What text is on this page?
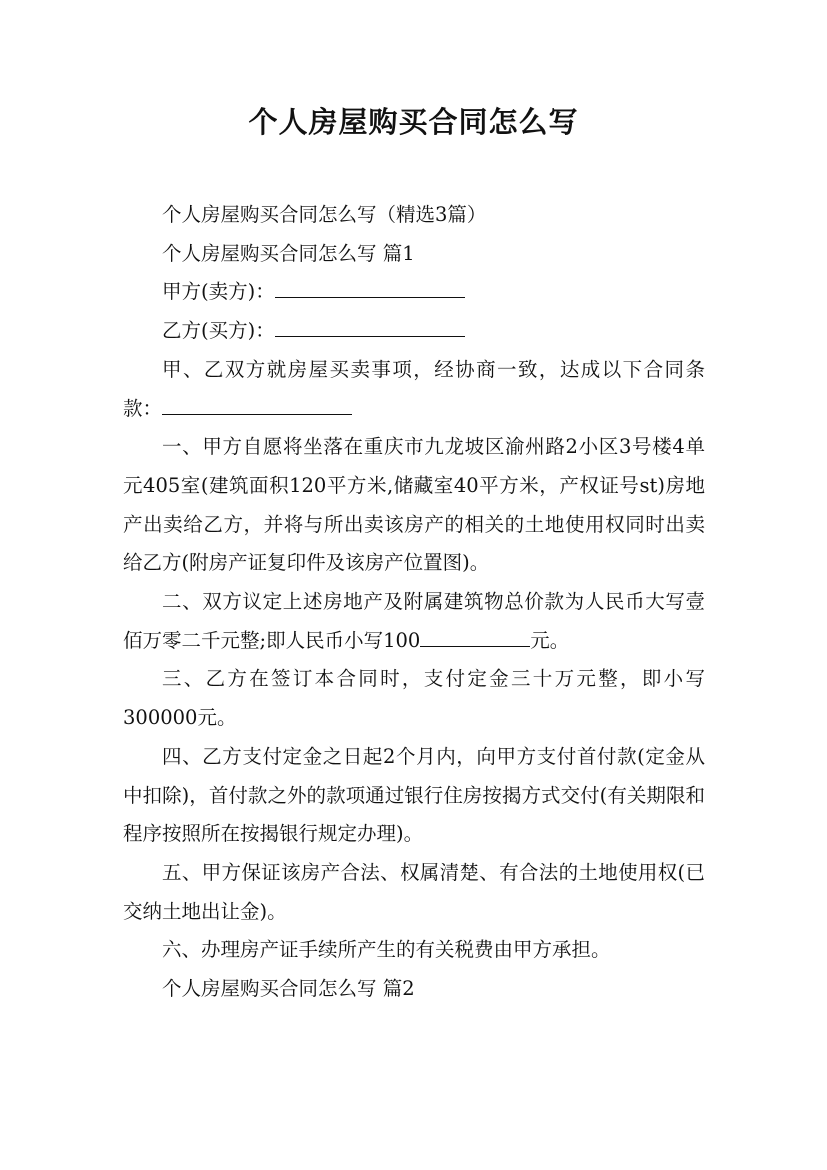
个人房屋购买合同怎么写

个人房屋购买合同怎么写（精选3篇）

个人房屋购买合同怎么写 篇1

甲方(卖方)：

乙方(买方)：

甲、乙双方就房屋买卖事项，经协商一致，达成以下合同条款：

一、甲方自愿将坐落在重庆市九龙坡区渝州路2小区3号楼4单元405室(建筑面积120平方米,储藏室40平方米，产权证号st)房地产出卖给乙方，并将与所出卖该房产的相关的土地使用权同时出卖给乙方(附房产证复印件及该房产位置图)。

二、双方议定上述房地产及附属建筑物总价款为人民币大写壹佰万零二千元整;即人民币小写100	元。

三、乙方在签订本合同时，支付定金三十万元整，即小写300000元。

四、乙方支付定金之日起2个月内，向甲方支付首付款(定金从中扣除)，首付款之外的款项通过银行住房按揭方式交付(有关期限和程序按照所在按揭银行规定办理)。

五、甲方保证该房产合法、权属清楚、有合法的土地使用权(已交纳土地出让金)。

六、办理房产证手续所产生的有关税费由甲方承担。

个人房屋购买合同怎么写 篇2
